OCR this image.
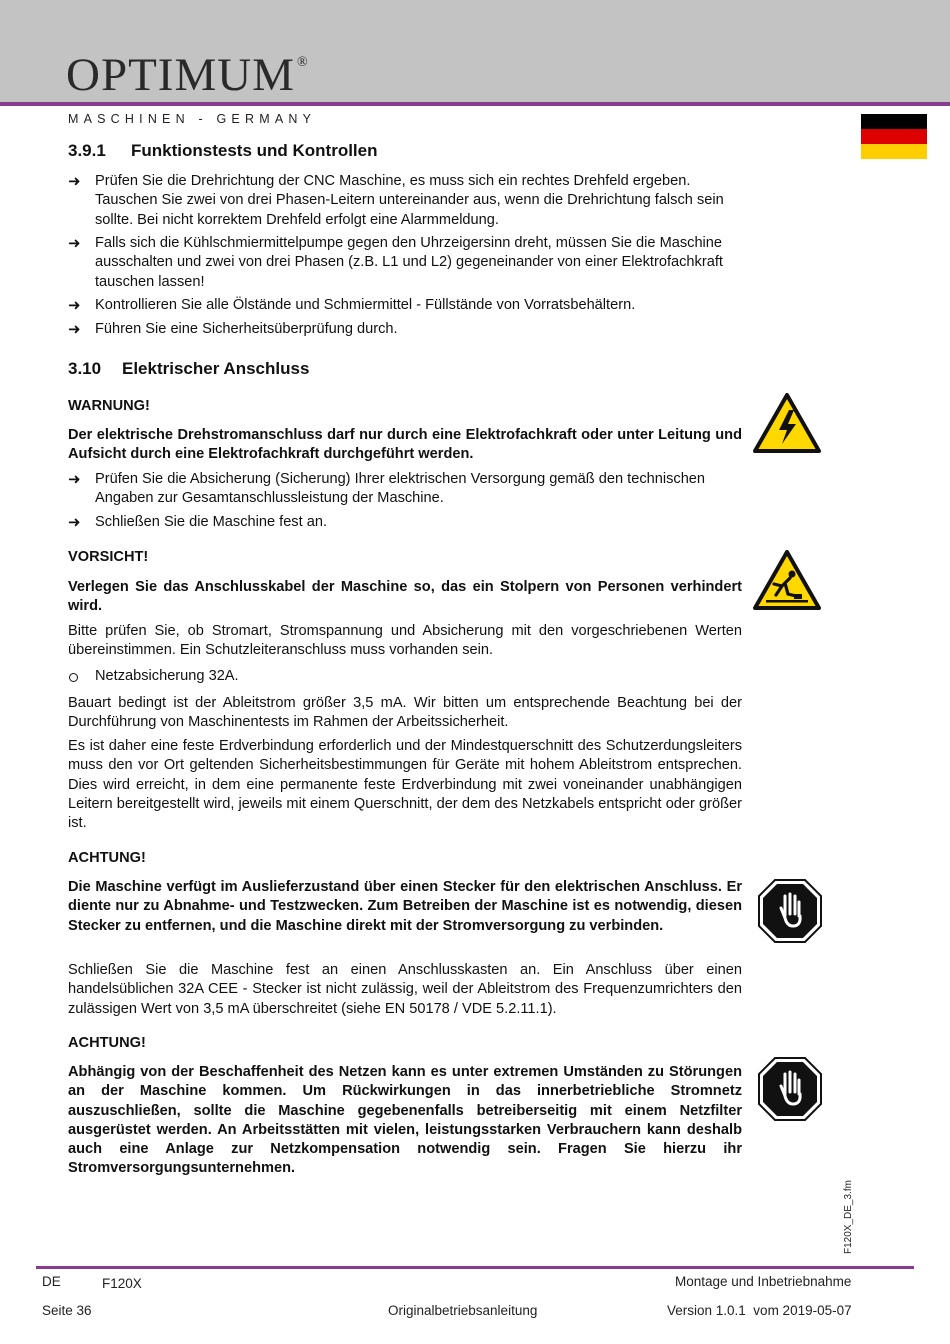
OPTIMUM ®
MASCHINEN - GERMANY
3.9.1 Funktionstests und Kontrollen
➜ Prüfen Sie die Drehrichtung der CNC Maschine, es muss sich ein rechtes Drehfeld ergeben. Tauschen Sie zwei von drei Phasen-Leitern untereinander aus, wenn die Drehrichtung falsch sein sollte. Bei nicht korrektem Drehfeld erfolgt eine Alarmmeldung.
➜ Falls sich die Kühlschmiermittelpumpe gegen den Uhrzeigersinn dreht, müssen Sie die Maschine ausschalten und zwei von drei Phasen (z.B. L1 und L2) gegeneinander von einer Elektrofachkraft tauschen lassen!
➜ Kontrollieren Sie alle Ölstände und Schmiermittel - Füllstände von Vorratsbehältern.
➜ Führen Sie eine Sicherheitsüberprüfung durch.
3.10 Elektrischer Anschluss
WARNUNG!
Der elektrische Drehstromanschluss darf nur durch eine Elektrofachkraft oder unter Leitung und Aufsicht durch eine Elektrofachkraft durchgeführt werden.
➜ Prüfen Sie die Absicherung (Sicherung) Ihrer elektrischen Versorgung gemäß den technischen Angaben zur Gesamtanschlussleistung der Maschine.
➜ Schließen Sie die Maschine fest an.
VORSICHT!
Verlegen Sie das Anschlusskabel der Maschine so, das ein Stolpern von Personen verhindert wird.
Bitte prüfen Sie, ob Stromart, Stromspannung und Absicherung mit den vorgeschriebenen Werten übereinstimmen. Ein Schutzleiteranschluss muss vorhanden sein.
Netzabsicherung 32A.
Bauart bedingt ist der Ableitstrom größer 3,5 mA. Wir bitten um entsprechende Beachtung bei der Durchführung von Maschinentests im Rahmen der Arbeitssicherheit.
Es ist daher eine feste Erdverbindung erforderlich und der Mindestquerschnitt des Schutzerdungsleiters muss den vor Ort geltenden Sicherheitsbestimmungen für Geräte mit hohem Ableitstrom entsprechen. Dies wird erreicht, in dem eine permanente feste Erdverbindung mit zwei voneinander unabhängigen Leitern bereitgestellt wird, jeweils mit einem Querschnitt, der dem des Netzkabels entspricht oder größer ist.
ACHTUNG!
Die Maschine verfügt im Auslieferzustand über einen Stecker für den elektrischen Anschluss. Er diente nur zu Abnahme- und Testzwecken. Zum Betreiben der Maschine ist es notwendig, diesen Stecker zu entfernen, und die Maschine direkt mit der Stromversorgung zu verbinden.
Schließen Sie die Maschine fest an einen Anschlusskasten an. Ein Anschluss über einen handelsüblichen 32A CEE - Stecker ist nicht zulässig, weil der Ableitstrom des Frequenzumrichters den zulässigen Wert von 3,5 mA überschreitet (siehe EN 50178 / VDE 5.2.11.1).
ACHTUNG!
Abhängig von der Beschaffenheit des Netzen kann es unter extremen Umständen zu Störungen an der Maschine kommen. Um Rückwirkungen in das innerbetriebliche Stromnetz auszuschließen, sollte die Maschine gegebenenfalls betreiberseitig mit einem Netzfilter ausgerüstet werden. An Arbeitsstätten mit vielen, leistungsstarken Verbrauchern kann deshalb auch eine Anlage zur Netzkompensation notwendig sein. Fragen Sie hierzu ihr Stromversorgungsunternehmen.
F120X_DE_3.fm
DE	F120X	Montage und Inbetriebnahme
Seite 36	Originalbetriebsanleitung	Version 1.0.1  vom 2019-05-07
